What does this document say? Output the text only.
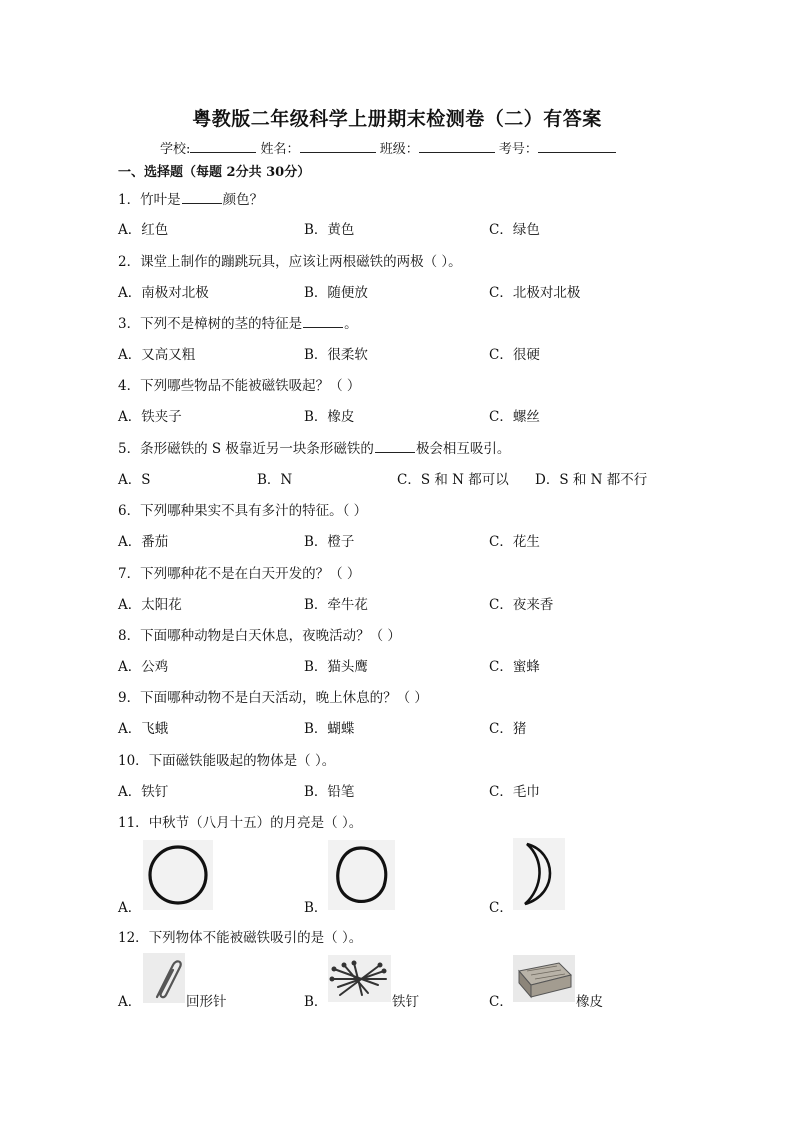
粤教版二年级科学上册期末检测卷（二）有答案
学校:	姓名：	班级：	考号：
一、选择题（每题 2分共 30分）
1．竹叶是	颜色？
A．红色	B．黄色	C．绿色
2．课堂上制作的蹦跳玩具，应该让两根磁铁的两极（ ）。
A．南极对北极	B．随便放	C．北极对北极
3．下列不是樟树的茎的特征是	。
A．又高又粗	B．很柔软	C．很硬
4．下列哪些物品不能被磁铁吸起？（ ）
A．铁夹子	B．橡皮	C．螺丝
5．条形磁铁的 S 极靠近另一块条形磁铁的	极会相互吸引。
A．S	B．N	C．S 和 N 都可以 D．S 和 N 都不行
6．下列哪种果实不具有多汁的特征。（ ）
A．番茄	B．橙子	C．花生
7．下列哪种花不是在白天开发的？（ ）
A．太阳花	B．牵牛花	C．夜来香
8．下面哪种动物是白天休息，夜晚活动？（ ）
A．公鸡	B．猫头鹰	C．蜜蜂
9．下面哪种动物不是白天活动，晚上休息的？（ ）
A．飞蛾	B．蝴蝶	C．猪
10．下面磁铁能吸起的物体是（ ）。
A．铁钉	B．铅笔	C．毛巾
11．中秋节（八月十五）的月亮是（ ）。
A．	B．	C．
12．下列物体不能被磁铁吸引的是（ ）。
A．	回形针	B．	铁钉	C．	橡皮
